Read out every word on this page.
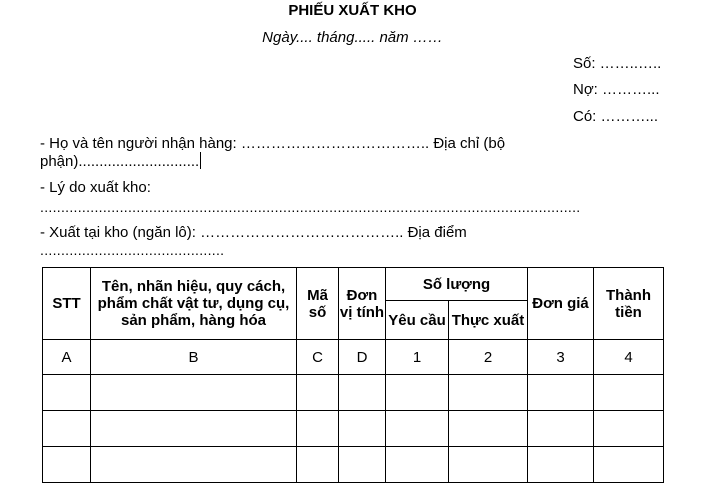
PHIẾU XUẤT KHO
Ngày.... tháng..... năm ……
Số: ……..…..
Nợ: ………...
Có: ………...
- Họ và tên người nhận hàng: ……………………………….. Địa chỉ (bộ
phận).............................
- Lý do xuất kho:
.................................................................................................................................
- Xuất tại kho (ngăn lô): ………………………………….. Địa điểm
............................................
STT	Tên, nhãn hiệu, quy cách, phẩm chất vật tư, dụng cụ, sản phẩm, hàng hóa	Mã số	Đơn vị tính	Số lượng		Đơn giá	Thành tiền
				Yêu cầu	Thực xuất		
A	B	C	D	1	2	3	4
